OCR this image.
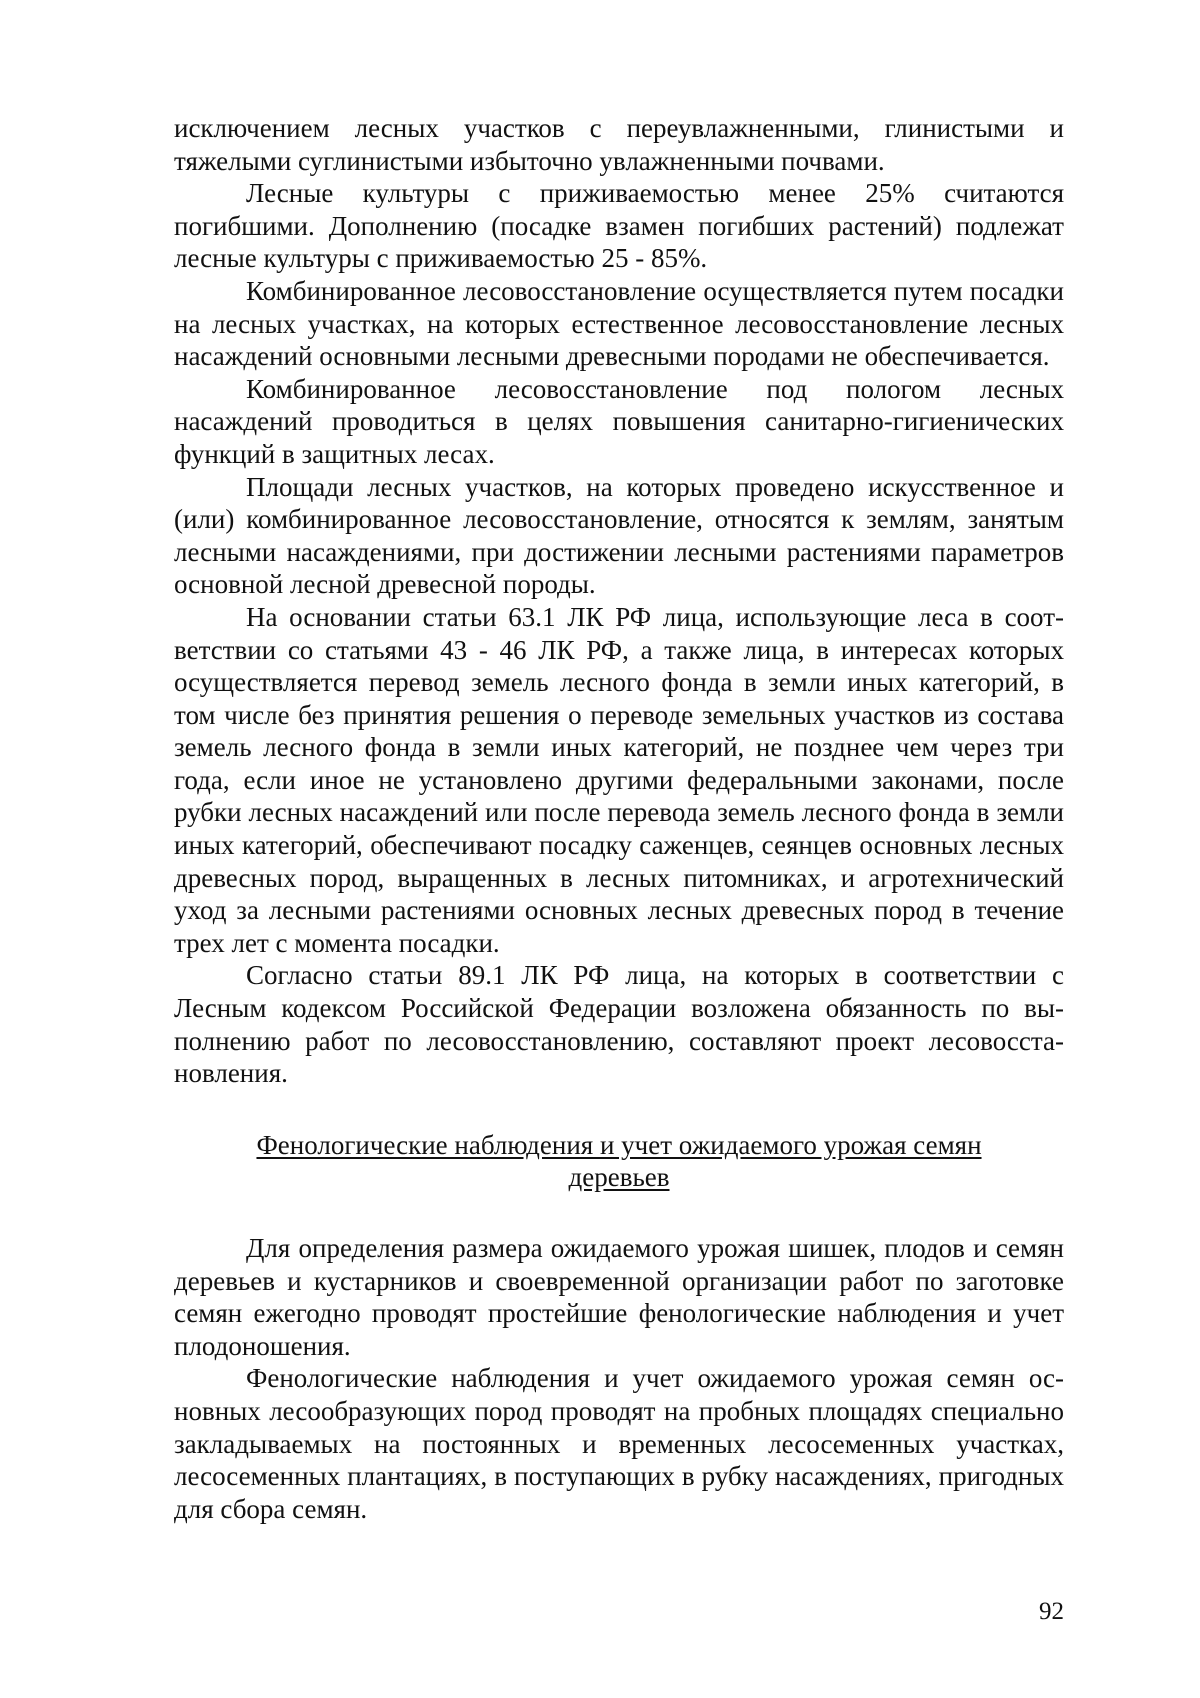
исключением лесных участков с переувлажненными, глинистыми и тяжелыми суглинистыми избыточно увлажненными почвами.

Лесные культуры с приживаемостью менее 25% считаются погибшими. Дополнению (посадке взамен погибших растений) подлежат лесные культуры с приживаемостью 25 - 85%.

Комбинированное лесовосстановление осуществляется путем посадки на лесных участках, на которых естественное лесовосстановление лесных насаждений основными лесными древесными породами не обеспечивается.

Комбинированное лесовосстановление под пологом лесных насаждений проводиться в целях повышения санитарно-гигиенических функций в защитных лесах.

Площади лесных участков, на которых проведено искусственное и (или) комбинированное лесовосстановление, относятся к землям, занятым лесными насаждениями, при достижении лесными растениями параметров основной лесной древесной породы.

На основании статьи 63.1 ЛК РФ лица, использующие леса в соответствии со статьями 43 - 46 ЛК РФ, а также лица, в интересах которых осуществляется перевод земель лесного фонда в земли иных категорий, в том числе без принятия решения о переводе земельных участков из состава земель лесного фонда в земли иных категорий, не позднее чем через три года, если иное не установлено другими федеральными законами, после рубки лесных насаждений или после перевода земель лесного фонда в земли иных категорий, обеспечивают посадку саженцев, сеянцев основных лесных древесных пород, выращенных в лесных питомниках, и агротехнический уход за лесными растениями основных лесных древесных пород в течение трех лет с момента посадки.

Согласно статьи 89.1 ЛК РФ лица, на которых в соответствии с Лесным кодексом Российской Федерации возложена обязанность по выполнению работ по лесовосстановлению, составляют проект лесовосстановления.

Фенологические наблюдения и учет ожидаемого урожая семян
деревьев

Для определения размера ожидаемого урожая шишек, плодов и семян деревьев и кустарников и своевременной организации работ по заготовке семян ежегодно проводят простейшие фенологические наблюдения и учет плодоношения.

Фенологические наблюдения и учет ожидаемого урожая семян основных лесообразующих пород проводят на пробных площадях специально закладываемых на постоянных и временных лесосеменных участках, лесосеменных плантациях, в поступающих в рубку насаждениях, пригодных для сбора семян.

92
